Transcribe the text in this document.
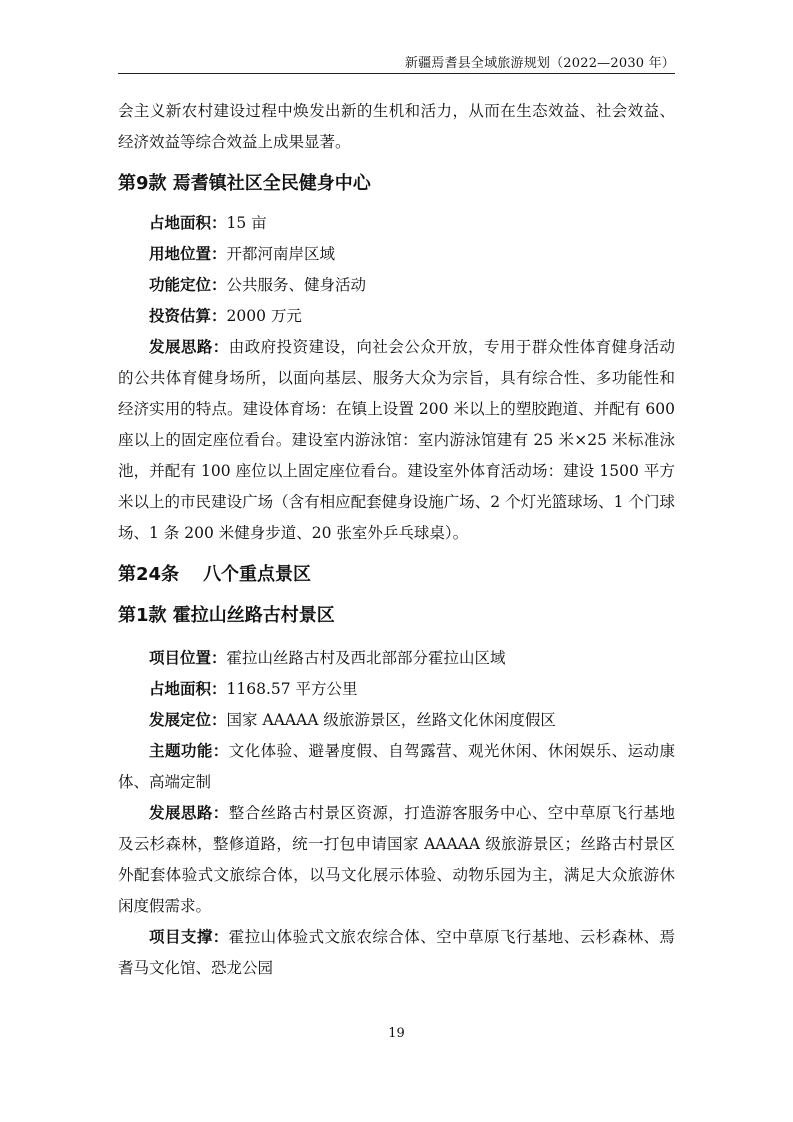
新疆焉耆县全域旅游规划（2022—2030 年）

会主义新农村建设过程中焕发出新的生机和活力，从而在生态效益、社会效益、经济效益等综合效益上成果显著。

第9款 焉耆镇社区全民健身中心

占地面积：15 亩

用地位置：开都河南岸区域

功能定位：公共服务、健身活动

投资估算：2000 万元

发展思路：由政府投资建设，向社会公众开放，专用于群众性体育健身活动的公共体育健身场所，以面向基层、服务大众为宗旨，具有综合性、多功能性和经济实用的特点。建设体育场：在镇上设置 200 米以上的塑胶跑道、并配有 600 座以上的固定座位看台。建设室内游泳馆：室内游泳馆建有 25 米×25 米标准泳池，并配有 100 座位以上固定座位看台。建设室外体育活动场：建设 1500 平方米以上的市民建设广场（含有相应配套健身设施广场、2 个灯光篮球场、1 个门球场、1 条 200 米健身步道、20 张室外乒乓球桌）。

第24条 八个重点景区
第1款 霍拉山丝路古村景区

项目位置：霍拉山丝路古村及西北部部分霍拉山区域

占地面积：1168.57 平方公里

发展定位：国家 AAAAA 级旅游景区，丝路文化休闲度假区

主题功能：文化体验、避暑度假、自驾露营、观光休闲、休闲娱乐、运动康体、高端定制

发展思路：整合丝路古村景区资源，打造游客服务中心、空中草原飞行基地及云杉森林，整修道路，统一打包申请国家 AAAAA 级旅游景区；丝路古村景区外配套体验式文旅综合体，以马文化展示体验、动物乐园为主，满足大众旅游休闲度假需求。

项目支撑：霍拉山体验式文旅农综合体、空中草原飞行基地、云杉森林、焉耆马文化馆、恐龙公园

19
